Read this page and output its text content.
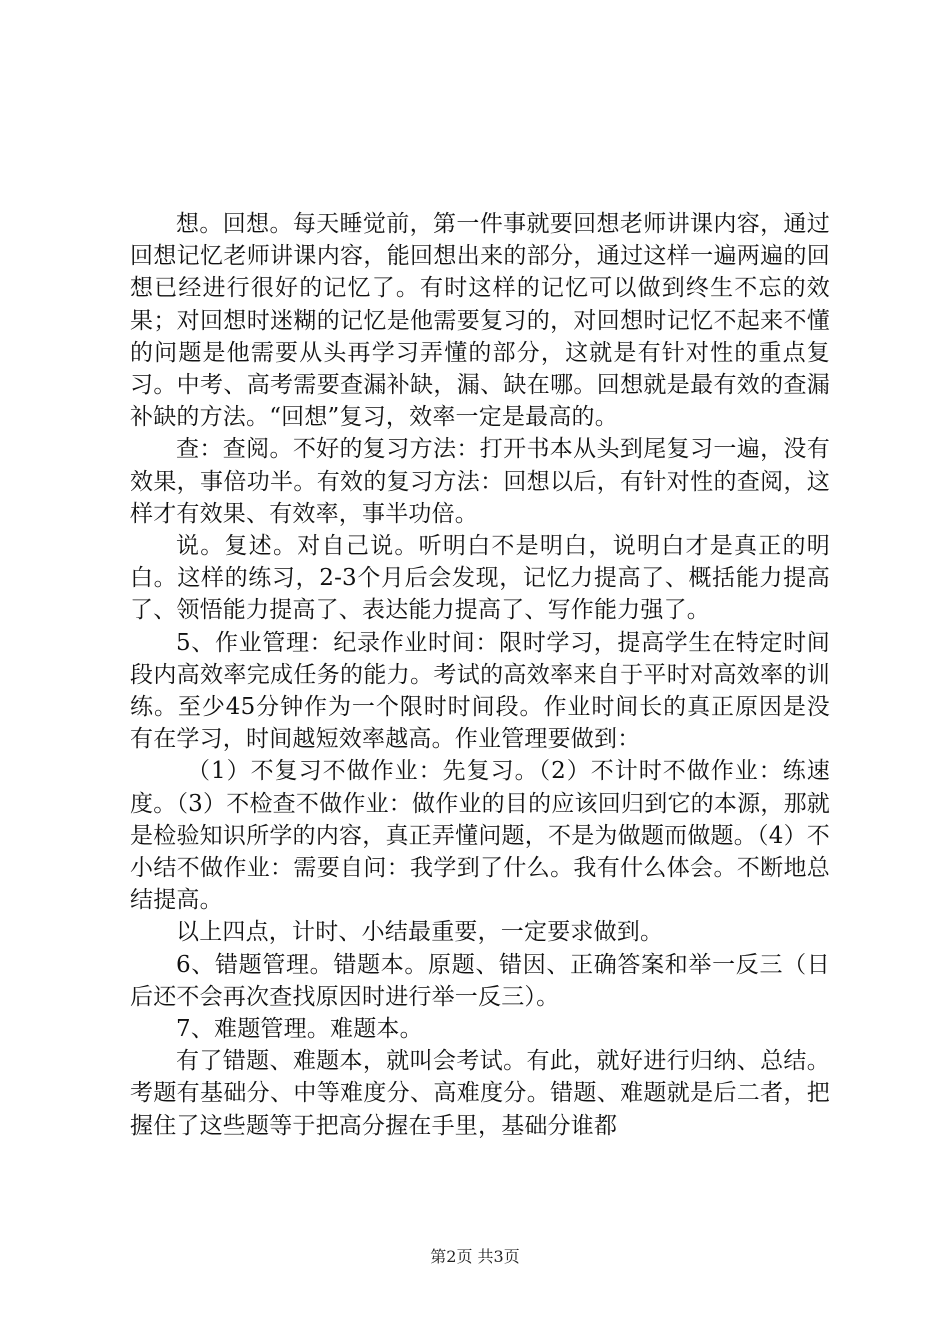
想。回想。每天睡觉前，第一件事就要回想老师讲课内容，通过回想记忆老师讲课内容，能回想出来的部分，通过这样一遍两遍的回想已经进行很好的记忆了。有时这样的记忆可以做到终生不忘的效果；对回想时迷糊的记忆是他需要复习的，对回想时记忆不起来不懂的问题是他需要从头再学习弄懂的部分，这就是有针对性的重点复习。中考、高考需要查漏补缺，漏、缺在哪。回想就是最有效的查漏补缺的方法。“回想”复习，效率一定是最高的。

查：查阅。不好的复习方法：打开书本从头到尾复习一遍，没有效果，事倍功半。有效的复习方法：回想以后，有针对性的查阅，这样才有效果、有效率，事半功倍。

说。复述。对自己说。听明白不是明白，说明白才是真正的明白。这样的练习，2-3个月后会发现，记忆力提高了、概括能力提高了、领悟能力提高了、表达能力提高了、写作能力强了。

5、作业管理：纪录作业时间：限时学习，提高学生在特定时间段内高效率完成任务的能力。考试的高效率来自于平时对高效率的训练。至少45分钟作为一个限时时间段。作业时间长的真正原因是没有在学习，时间越短效率越高。作业管理要做到：

（1）不复习不做作业：先复习。（2）不计时不做作业：练速度。（3）不检查不做作业：做作业的目的应该回归到它的本源，那就是检验知识所学的内容，真正弄懂问题，不是为做题而做题。（4）不小结不做作业：需要自问：我学到了什么。我有什么体会。不断地总结提高。

以上四点，计时、小结最重要，一定要求做到。

6、错题管理。错题本。原题、错因、正确答案和举一反三（日后还不会再次查找原因时进行举一反三）。

7、难题管理。难题本。

有了错题、难题本，就叫会考试。有此，就好进行归纳、总结。考题有基础分、中等难度分、高难度分。错题、难题就是后二者，把握住了这些题等于把高分握在手里，基础分谁都

第2页 共3页
